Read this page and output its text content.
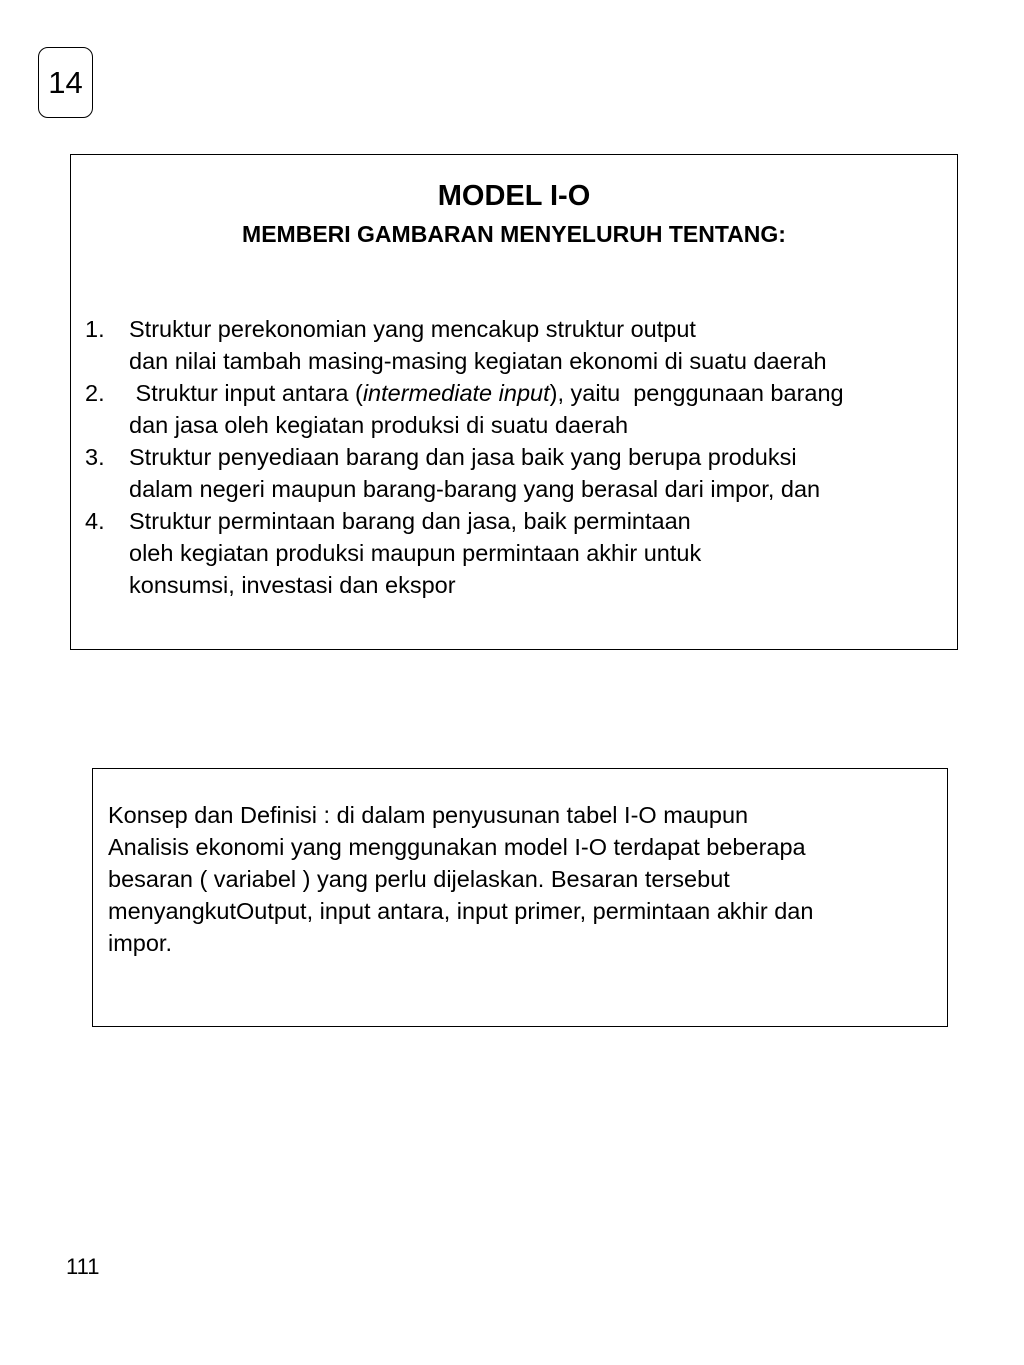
14
MODEL I-O
MEMBERI GAMBARAN MENYELURUH TENTANG:
1. Struktur perekonomian yang mencakup struktur output
dan nilai tambah masing-masing kegiatan ekonomi di suatu daerah
2. Struktur input antara (intermediate input), yaitu  penggunaan barang
dan jasa oleh kegiatan produksi di suatu daerah
3. Struktur penyediaan barang dan jasa baik yang berupa produksi
dalam negeri maupun barang-barang yang berasal dari impor, dan
4. Struktur permintaan barang dan jasa, baik permintaan
oleh kegiatan produksi maupun permintaan akhir untuk
konsumsi, investasi dan ekspor
Konsep dan Definisi : di dalam penyusunan tabel I-O maupun
Analisis ekonomi yang menggunakan model I-O terdapat beberapa
besaran ( variabel ) yang perlu dijelaskan. Besaran tersebut
menyangkutOutput, input antara, input primer, permintaan akhir dan
impor.
111
